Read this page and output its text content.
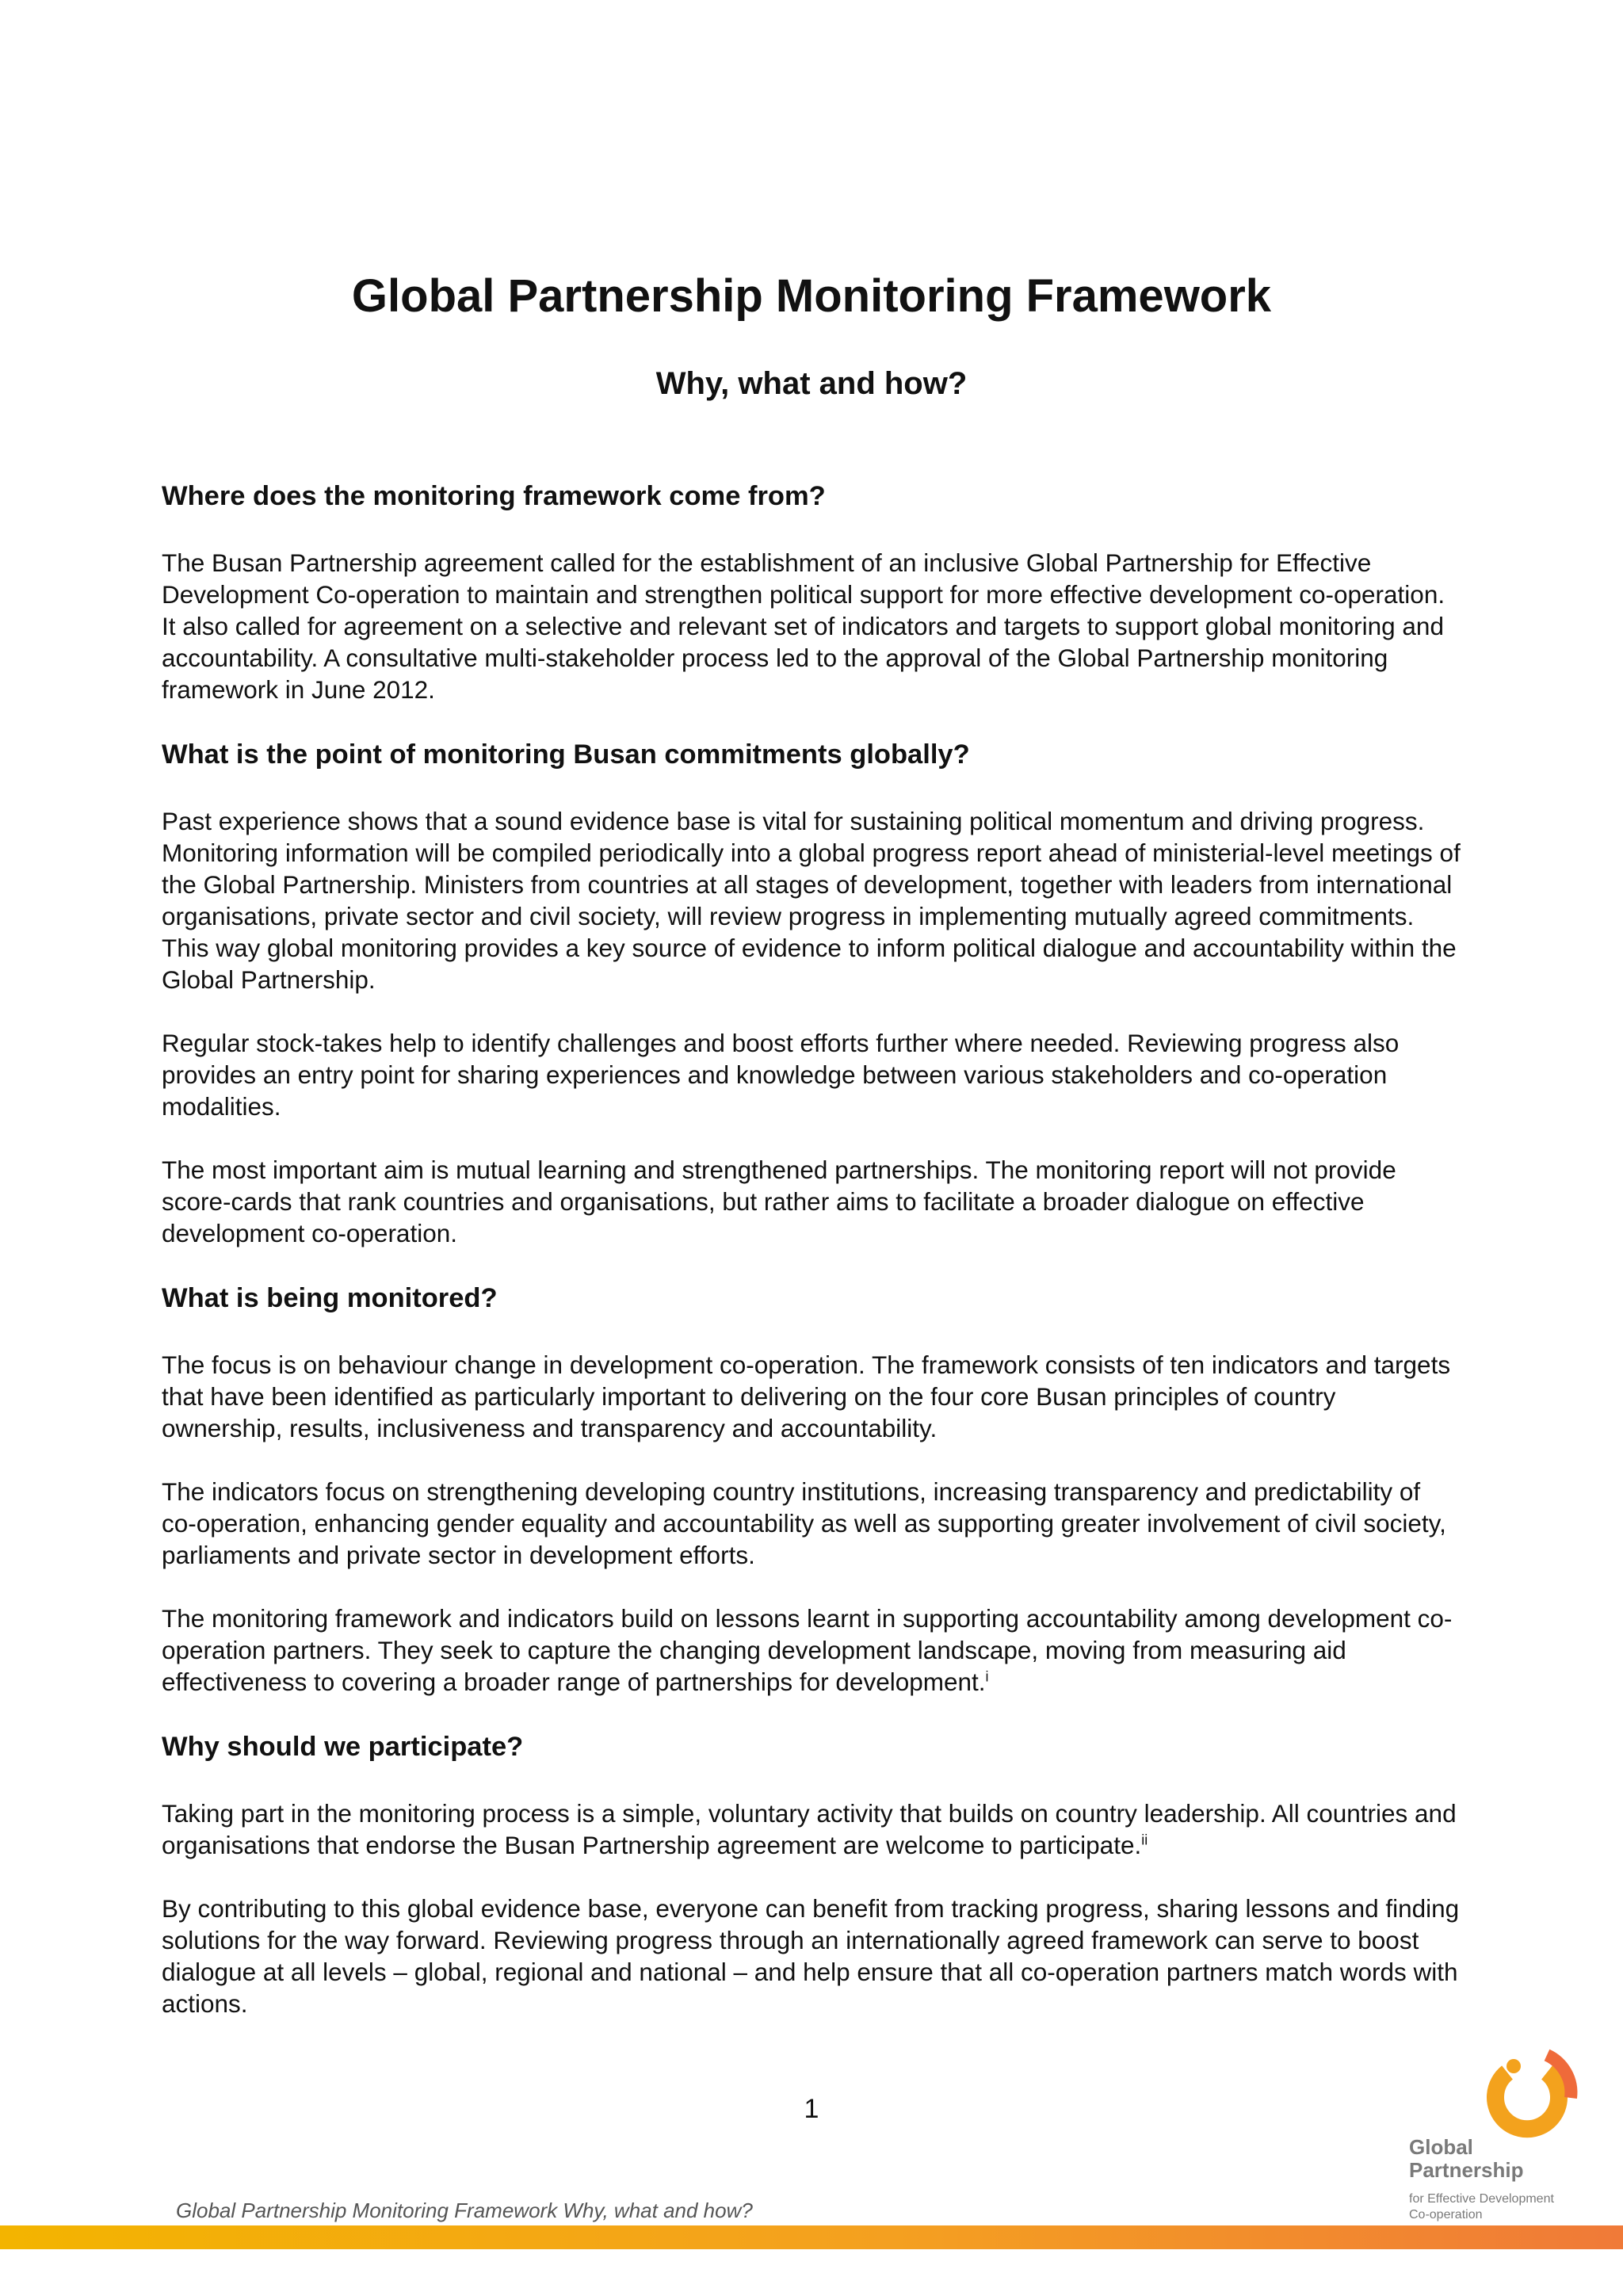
Global Partnership Monitoring Framework
Why, what and how?
Where does the monitoring framework come from?

The Busan Partnership agreement called for the establishment of an inclusive Global Partnership for Effective Development Co-operation to maintain and strengthen political support for more effective development co-operation. It also called for agreement on a selective and relevant set of indicators and targets to support global monitoring and accountability. A consultative multi-stakeholder process led to the approval of the Global Partnership monitoring framework in June 2012.

What is the point of monitoring Busan commitments globally?

Past experience shows that a sound evidence base is vital for sustaining political momentum and driving progress. Monitoring information will be compiled periodically into a global progress report ahead of ministerial-level meetings of the Global Partnership. Ministers from countries at all stages of development, together with leaders from international organisations, private sector and civil society, will review progress in implementing mutually agreed commitments. This way global monitoring provides a key source of evidence to inform political dialogue and accountability within the Global Partnership.

Regular stock-takes help to identify challenges and boost efforts further where needed. Reviewing progress also provides an entry point for sharing experiences and knowledge between various stakeholders and co-operation modalities.

The most important aim is mutual learning and strengthened partnerships. The monitoring report will not provide score-cards that rank countries and organisations, but rather aims to facilitate a broader dialogue on effective development co-operation.

What is being monitored?

The focus is on behaviour change in development co-operation. The framework consists of ten indicators and targets that have been identified as particularly important to delivering on the four core Busan principles of country ownership, results, inclusiveness and transparency and accountability.

The indicators focus on strengthening developing country institutions, increasing transparency and predictability of co-operation, enhancing gender equality and accountability as well as supporting greater involvement of civil society, parliaments and private sector in development efforts.

The monitoring framework and indicators build on lessons learnt in supporting accountability among development co-operation partners. They seek to capture the changing development landscape, moving from measuring aid effectiveness to covering a broader range of partnerships for development.$^i$

Why should we participate?

Taking part in the monitoring process is a simple, voluntary activity that builds on country leadership. All countries and organisations that endorse the Busan Partnership agreement are welcome to participate.$^{ii}$

By contributing to this global evidence base, everyone can benefit from tracking progress, sharing lessons and finding solutions for the way forward. Reviewing progress through an internationally agreed framework can serve to boost dialogue at all levels – global, regional and national – and help ensure that all co-operation partners match words with actions.

1
Global
Partnership
for Effective Development
Co-operation
Global Partnership Monitoring Framework Why, what and how?
